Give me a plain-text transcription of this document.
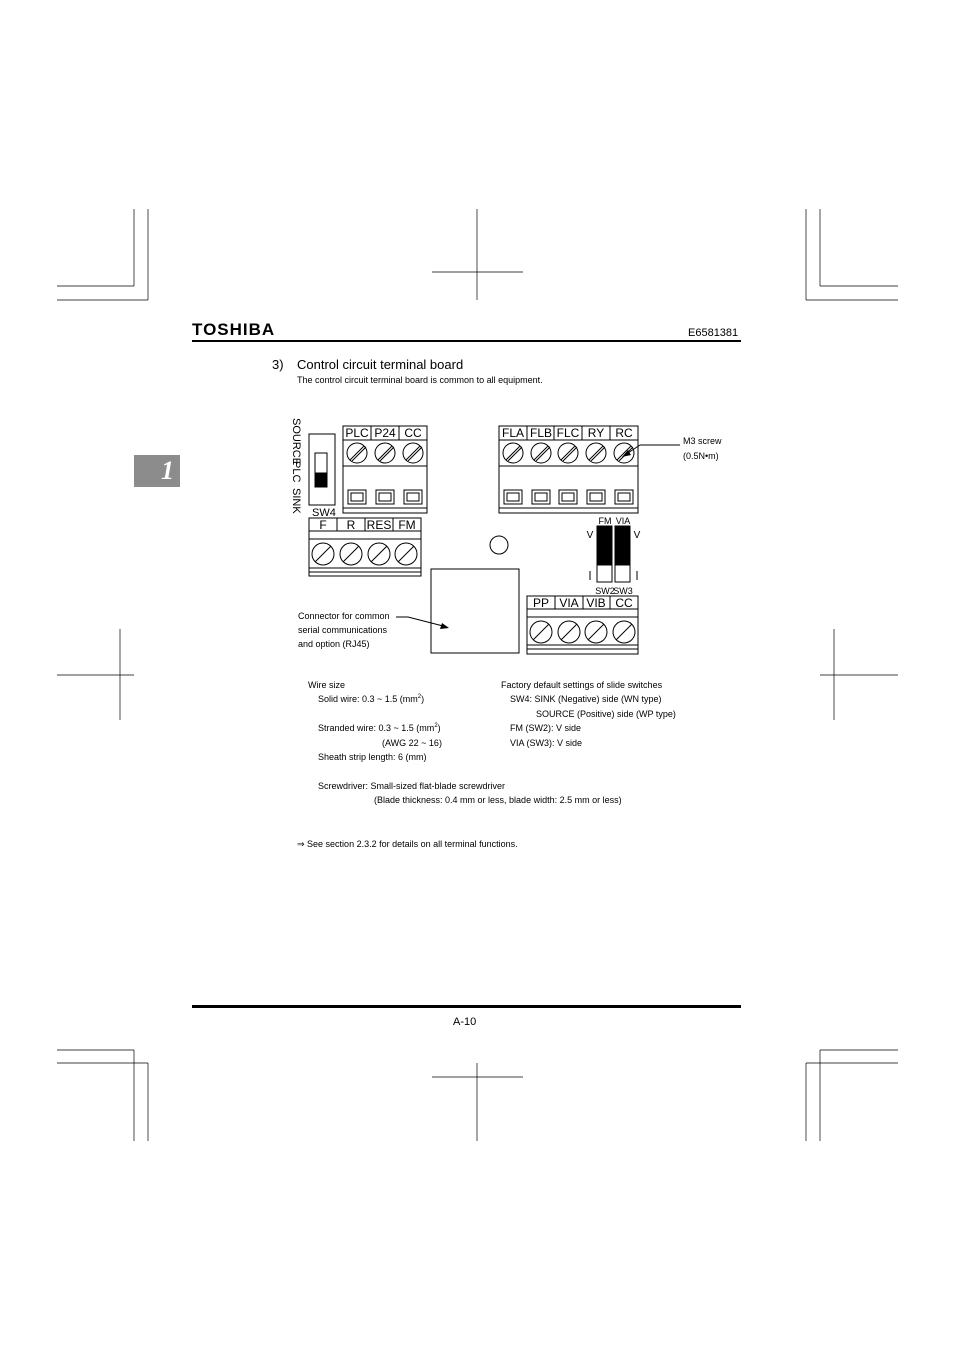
TOSHIBA	E6581381
1
3) Control circuit terminal board
The control circuit terminal board is common to all equipment.
SOURCE
PLC
SINK SW4
PLC P24 CC	FLA FLB FLC RY RC
F R RES FM
PP VIA VIB CC
FM VIA
SW2
SW3
V	V
I	I
M3 screw
(0.5N•m)
Connector for common
serial communications
and option (RJ45)
Wire size
Solid wire: 0.3 ~ 1.5 $(mm^2)$
Stranded wire: 0.3 ~ 1.5 $(mm^2)$
(AWG 22 ~ 16)
Sheath strip length: 6 (mm)
Screwdriver: Small-sized flat-blade screwdriver
(Blade thickness: 0.4 mm or less, blade width: 2.5 mm or less)
Factory default settings of slide switches
SW4: SINK (Negative) side (WN type)
SOURCE (Positive) side (WP type)
FM (SW2): V side
VIA (SW3): V side
⇒ See section 2.3.2 for details on all terminal functions.
A-10
